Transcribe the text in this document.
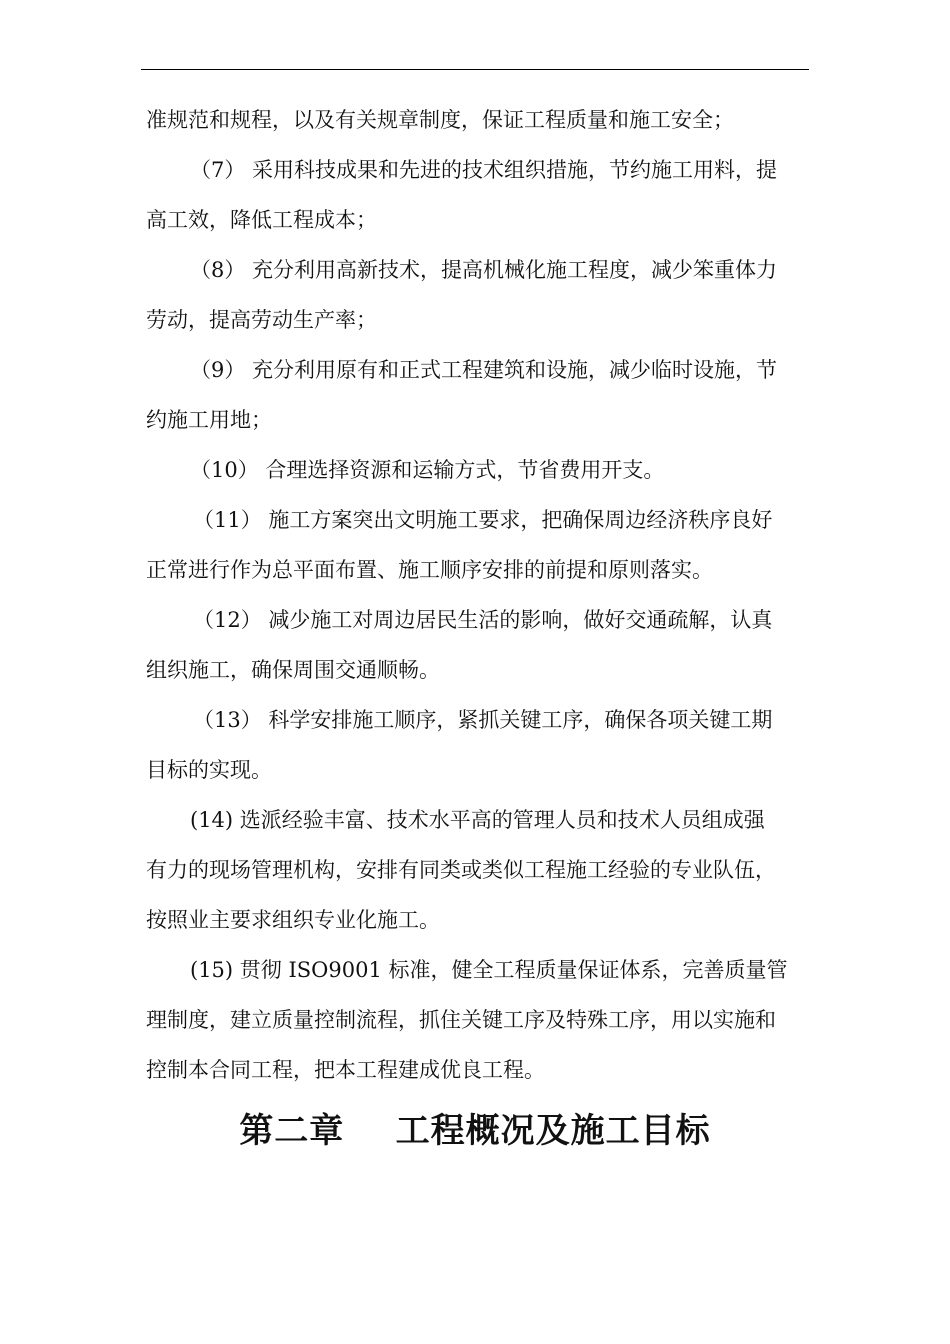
准规范和规程，以及有关规章制度，保证工程质量和施工安全；
（7） 采用科技成果和先进的技术组织措施，节约施工用料，提
高工效，降低工程成本；
（8） 充分利用高新技术，提高机械化施工程度，减少笨重体力
劳动，提高劳动生产率；
（9） 充分利用原有和正式工程建筑和设施，减少临时设施，节
约施工用地；
（10） 合理选择资源和运输方式，节省费用开支。
（11） 施工方案突出文明施工要求，把确保周边经济秩序良好
正常进行作为总平面布置、施工顺序安排的前提和原则落实。
（12） 减少施工对周边居民生活的影响，做好交通疏解，认真
组织施工，确保周围交通顺畅。
（13） 科学安排施工顺序，紧抓关键工序，确保各项关键工期
目标的实现。
(14) 选派经验丰富、技术水平高的管理人员和技术人员组成强
有力的现场管理机构，安排有同类或类似工程施工经验的专业队伍，
按照业主要求组织专业化施工。
(15) 贯彻 ISO9001 标准，健全工程质量保证体系，完善质量管
理制度，建立质量控制流程，抓住关键工序及特殊工序，用以实施和
控制本合同工程，把本工程建成优良工程。
第二章    工程概况及施工目标
